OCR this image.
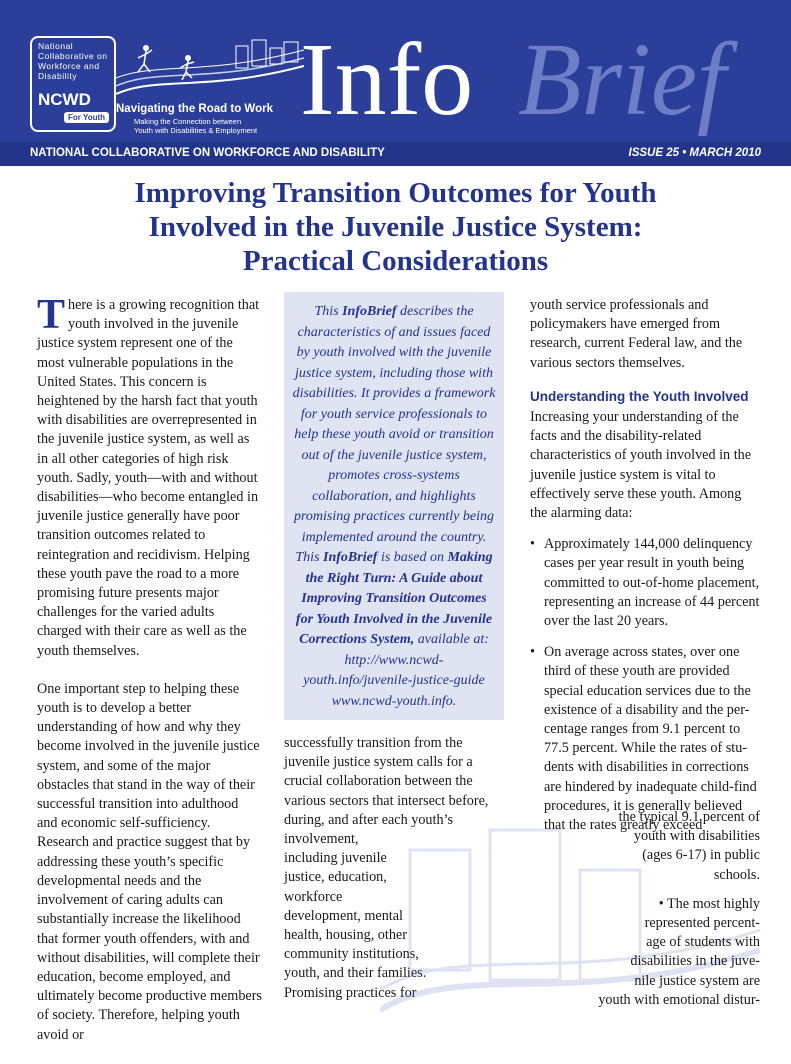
National
Collaborative on
Workforce and
Disability
NCWD
For Youth
Navigating the Road to Work
Making the Connection between
Youth with Disabilities & Employment Info Brief
NATIONAL COLLABORATIVE ON WORKFORCE AND DISABILITY	ISSUE 25 • MARCH 2010
Improving Transition Outcomes for Youth
Involved in the Juvenile Justice System:
Practical Considerations

There is a growing recognition that youth involved in the juvenile justice system represent one of the most vulnerable populations in the United States. This concern is heightened by the harsh fact that youth with disabilities are overrepresented in the juvenile justice system, as well as in all other categories of high risk youth. Sadly, youth—with and without disabilities—who become entangled in juvenile justice generally have poor transition outcomes related to reintegration and recidivism. Helping these youth pave the road to a more promising future presents major challenges for the varied adults charged with their care as well as the youth themselves.

One important step to helping these youth is to develop a better understanding of how and why they become involved in the juvenile justice system, and some of the major obstacles that stand in the way of their successful transition into adulthood and economic self-sufficiency. Research and practice suggest that by addressing these youth’s specific developmental needs and the involvement of caring adults can substantially increase the likelihood that former youth offenders, with and without disabilities, will complete their education, become employed, and ultimately become productive members of society. Therefore, helping youth avoid or

This InfoBrief describes the characteristics of and issues faced by youth involved with the juvenile justice system, including those with disabilities. It provides a framework for youth service professionals to help these youth avoid or transition out of the juvenile justice system, promotes cross-systems collaboration, and highlights promising practices currently being implemented around the country. This InfoBrief is based on Making the Right Turn: A Guide about Improving Transition Outcomes for Youth Involved in the Juvenile Corrections System, available at: http://www.ncwd-youth.info/juvenile-justice-guide www.ncwd-youth.info.
successfully transition from the
juvenile justice system calls for a
crucial collaboration between the
various sectors that intersect before,
during, and after each youth’s
involvement,
including juvenile
justice, education,
workforce
development, mental
health, housing, other
community institutions,
youth, and their families.
Promising practices for

youth service professionals and policymakers have emerged from research, current Federal law, and the various sectors themselves.

Understanding the Youth Involved

Increasing your understanding of the facts and the disability-related characteristics of youth involved in the juvenile justice system is vital to effectively serve these youth. Among the alarming data:

• Approximately 144,000 delinquency cases per year result in youth being committed to out-of-home placement, representing an increase of 44 percent over the last 20 years.
• On average across states, over one third of these youth are provided special education services due to the existence of a disability and the per-centage ranges from 9.1 percent to 77.5 percent. While the rates of stu-dents with disabilities in corrections are hindered by inadequate child-find procedures, it is generally believed that the rates greatly exceed

the typical 9.1 percent of
youth with disabilities
(ages 6-17) in public
schools.

• The most highly
represented percent-
age of students with
disabilities in the juve-
nile justice system are
youth with emotional distur-
